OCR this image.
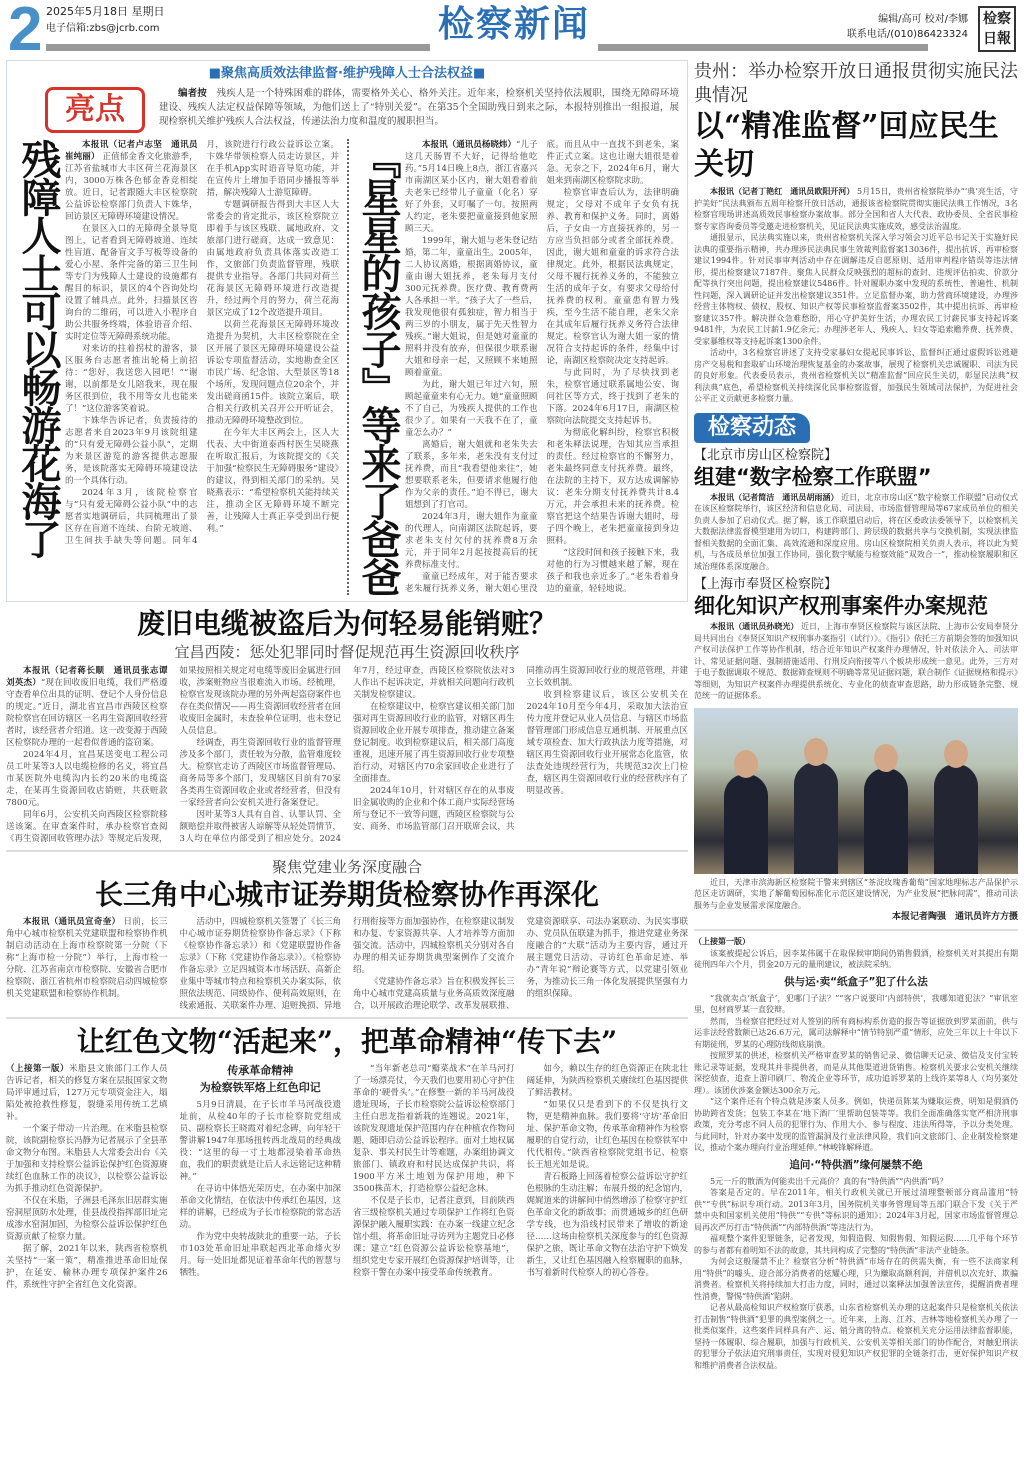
2 2025年5月18日 星期日
电子信箱:zbs@jcrb.com	检察新闻	编辑/高可 校对/李娜
联系电话/(010)86423324
检察
日報
■聚焦高质效法律监督·维护残障人士合法权益■
亮点	编者按　 残疾人是一个特殊困难的群体，需要格外关心、格外关注。近年来，检察机关坚持依法履职，围绕无障碍环境建设、残疾人法定权益保障等领域，为他们送上了“特别关爱”。在第35个全国助残日到来之际，本报特别推出一组报道，展现检察机关维护残疾人合法权益，传递法治力度和温度的履职担当。
残障人士可以畅游花海了	本报讯（记者卢志坚　通讯员崔纯丽） 正值郁金香文化旅游季，江苏省盐城市大丰区荷兰花海景区内，3000万株各色郁金香竞相绽放。近日，记者跟随大丰区检察院公益诉讼检察部门负责人卞姝华，回访景区无障碍环境建设情况。

在景区入口的无障碍全景导览图上，记者看到无障碍坡道、连续性盲道、配备盲文手写板等设备的爱心小屋、条件完备的第三卫生间等专门为残障人士建设的设施都有醒目的标识，景区的4个咨询处均设置了辅具点。此外，扫描景区咨询台的二维码，可以进入小程序自助公共服务终端，体验语音介绍、实时定位等无障碍系统功能。

对来访的拄着拐杖的游客，景区服务台志愿者推出轮椅上前招待：“您好，我送您入园吧！”“谢谢，以前都是女儿陪我来，现在服务区很到位，我不用等女儿也能来了！”这位游客笑着说。

卞姝华告诉记者，负责接待的志愿者来自2023年9月该院组建的“只有爱无障碍公益小队”，定期为来景区游览的游客提供志愿服务，是该院落实无障碍环境建设法的一个具体行动。

2024年3月，该院检察官与“只有爱无障碍公益小队”中的志愿者实地调研后，共同梳理出了景区存在盲道不连续、台阶无坡道、卫生间扶手缺失等问题。同年4月，该院进行行政公益诉讼立案。卞姝华带领检察人员走访景区，并在手机App实时语音导览功能，并在宣传片上增加手语同步播报等举措，解决残障人士游览障碍。

专题调研报告得到大丰区人大常委会的肯定批示，该区检察院立即着手与该区残联、属地政府、文旅部门进行磋商，达成一致意见：由属地政府负责具体落实改造工作，文旅部门负责监督管理，残联提供专业指导。各部门共同对荷兰花海景区无障碍环境进行改造提升，经过两个月的努力，荷兰花海景区完成了12个改造提升项目。

以荷兰花海景区无障碍环境改造提升为契机，大丰区检察院在全区开展了景区无障碍环境建设公益诉讼专项监督活动，实地勘查全区市民广场、纪念馆、大型景区等18个场所，发现问题点位20余个，并发出磋商函15件。该院立案后，联合相关行政机关召开公开听证会，推动无障碍环境整改到位。

在今年大丰区两会上，区人大代表、大中街道泰西村医生吴晓燕在听取汇报后，为该院提交的《关于加强“检察民生无障碍服务”建设》的建议，得到相关部门的采纳。吴晓燕表示：“希望检察机关能持续关注，推动全区无障碍环境不断完善，让残障人士真正享受到出行便利。”	『星星的孩子』等来了爸爸	本报讯（通讯员杨晓炜）“儿子这几天肠胃不大好，记得给他吃药。”5月14日晚上8点，浙江省嘉兴市南湖区某小区内，谢大姐看着前夫老朱已经带儿子童童（化名）穿好了外套，又叮嘱了一句。按照两人约定，老朱要把童童接到他家照顾三天。

1999年，谢大姐与老朱登记结婚，第二年，童童出生。2005年，二人协议离婚，根据离婚协议，童童由谢大姐抚养，老朱每月支付300元抚养费。医疗费、教育费两人各承担一半。“孩子大了一些后，我发现他很有孤独症，智力相当于两三岁的小朋友，属于先天性智力残疾。”谢大姐说，但是她对童童的照料并没有放弃，但保很少联系谢大姐和母亲一起，又照顾不来她照顾着童童。

为此，谢大姐已年过六旬，照顾起童童来有心无力。她“童童照顾不了自己，为残疾人提供的工作也很少了。如果有一天我不在了，童童怎么办？”

离婚后，谢大姐就和老朱失去了联系，多年来，老朱没有支付过抚养费，而且“我看望他来往”，她想要联系老朱，但要请求他履行他作为父亲的责任。”迫不得已，谢大姐想到了打官司。

2024年3月，谢大姐作为童童的代理人，向南湖区法院起诉，要求老朱支付欠付的抚养费8万余元，并于同年2月起按提高后的抚养费标准支付。

童童已经成年，对于能否要求老朱履行抚养义务，谢大姐心里没底。而且从中一直找不到老朱，案件正式立案。这也让谢大姐很是着急。无奈之下，2024年6月，谢大姐来到南湖区检察院求助。

检察官审查后认为，法律明确规定，父母对不成年子女负有抚养、教育和保护义务。同时，离婚后，子女由一方直接抚养的，另一方应当负担部分或者全部抚养费。因此，谢大姐和童童的诉求符合法律规定。此外，根据民法典规定，父母不履行抚养义务的，不能独立生活的成年子女，有要求父母给付抚养费的权利。童童患有智力残疾，至今生活不能自理，老朱父亲在其成年后履行抚养义务符合法律规定。检察官认为谢大姐一家的情况符合支持起诉的条件，经集中讨论，南湖区检察院决定支持起诉。

与此同时，为了尽快找到老朱，检察官通过联系属地公安、询问社区等方式，终于找到了老朱的下落。2024年6月17日，南湖区检察院向法院提交支持起诉书。

为彻底化解纠纷，检察官积极和老朱释法说理，告知其应当承担的责任。经过检察官的不懈努力，老朱最终同意支付抚养费。最终，在法院的主持下，双方达成调解协议：老朱分期支付抚养费共计8.4万元，并会承担未来的抚养费。检察官把这个结果告诉谢大姐时，母子四个晚上，老朱把童童接到身边照料。

“这段时间和孩子接触下来，我对他的行为习惯越来越了解，现在孩子和我也亲近多了。”老朱看着身边的童童，轻轻地说。

废旧电缆被盗后为何轻易能销赃？
宜昌西陵：惩处犯罪同时督促规范再生资源回收秩序

本报讯（记者蒋长顺　通讯员张志谭　刘英杰）“现在回收废旧电缆，我们严格遵守查看单位出具的证明、登记个人身份信息的规定。”近日，湖北省宜昌市西陵区检察院检察官在回访辖区一名再生资源回收经营者时，该经营者介绍道。这一改变源于西陵区检察院办理的一起看似普通的盗窃案。

2024年4月，宜昌某送变电工程公司员工叶某等3人以电缆检修的名义，将宜昌市某医院外电缆沟内长约20米的电缆盗走，在某再生资源回收店销赃，共获赃款7800元。

同年6月，公安机关向西陵区检察院移送该案。在审查案件时，承办检察官查阅《再生资源回收管理办法》等规定后发现，如果按照相关规定对电缆等废旧金属进行回收，涉案赃物应当很难流入市场。经梳理，检察官发现该院办理的另外两起盗窃案件也存在类似情况——再生资源回收经营者在回收废旧金属时，未查验单位证明，也未登记人员信息。

经调查，再生资源回收行业的监督管理涉及多个部门，责任较为分散，监管难度较大。检察官走访了西陵区市场监督管理局、商务局等多个部门，发现辖区目前有70家各类再生资源回收企业或者经营者，但没有一家经营者向公安机关进行备案登记。

因叶某等3人具有自首、认罪认罚、全额赔偿并取得被害人谅解等从轻处罚情节，3人均在单位内部受到了相应处分。2024年7月，经过审查，西陵区检察院依法对3人作出不起诉决定，并就相关问题向行政机关制发检察建议。

在检察建议中，检察官建议相关部门加强对再生资源回收行业的监管，对辖区再生资源回收企业开展专项排查，推动建立备案登记制度。收到检察建议后，相关部门高度重视，迅速开展了再生资源回收行业专项整治行动，对辖区内70余家回收企业进行了全面排查。

2024年10月，针对辖区存在的从事废旧金属收购的企业和个体工商户实际经营场所与登记不一致等问题，西陵区检察院与公安、商务、市场监管部门召开联席会议，共同推动再生资源回收行业的规范管理，并建立长效机制。

收到检察建议后，该区公安机关在2024年10月至今年4月，采取加大法治宣传力度并登记从业人员信息、与辖区市场监督管理部门形成信息互通机制、开展重点区域专项检查、加大行政执法力度等措施，对辖区再生资源回收行业开展常态化监管，依法查处违规经营行为，共规范32次上门检查，辖区再生资源回收行业的经营秩序有了明显改善。

聚焦党建业务深度融合
长三角中心城市证券期货检察协作再深化

本报讯（通讯员宣奇奎） 日前，长三角中心城市检察机关党建联盟和检察协作机制启动活动在上海市检察院第一分院（下称“上海市检一分院”）举行，上海市检一分院、江苏省南京市检察院、安徽省合肥市检察院、浙江省杭州市检察院启动四城检察机关党建联盟和检察协作机制。

活动中，四城检察机关签署了《长三角中心城市证券期货检察协作备忘录》（下称《检察协作备忘录》）和《党建联盟协作备忘录》（下称《党建协作备忘录》）。《检察协作备忘录》立足四城资本市场活跃、高新企业集中等城市特点和检察机关办案实际，依照依法规范、同级协作、便利高效原则，在线索通报、关联案件办理、追赃挽损、异地行刑衔接等方面加强协作，在检察建议制发和办复、专家资源共享、人才培养等方面加强交流。活动中，四城检察机关分别对各自办理的相关证券期货典型案例作了交流介绍。

《党建协作备忘录》旨在积极发挥长三角中心城市党建高质量与业务高质效深度融合，以开展政治理论联学、改革发展联推、党建资源联享、司法办案联动、为民实事联办、党员队伍联建为抓手，推进党建业务深度融合的“大联”活动为主要内容，通过开展主题党日活动、寻访红色革命足迹、举办“青年说”辩论赛等方式，以党建引领业务，为推动长三角一体化发展提供坚强有力的组织保障。

让红色文物“活起来”，把革命精神“传下去”

（上接第一版）米脂县文旅部门工作人员告诉记者，相关的修复方案在层报国家文物局评审通过后，127万元专项资金注入，塌陷处被抢救性修复，裂缝采用传统工艺填补。

一个案子带动一片治理。在米脂县检察院，该院副检察长冯静为记者展示了全县革命文物分布图。米脂县人大常委会出台《关于加强和支持检察公益诉讼保护红色资源赓续红色血脉工作的决议》，以检察公益诉讼为抓手推动红色资源保护。

不仅在米脂，子洲县毛泽东旧居群实施窑洞屋顶防水处理，佳县战役指挥部旧址完成渗水窑洞加固，为检察公益诉讼保护红色资源贡献了检察力量。

据了解，2021年以来，陕西省检察机关坚持“一案一策”，精准推进革命旧址保护，在延安、榆林办理专项保护案件26件，系统性守护全省红色文化资源。

传承革命精神
为检察铁军烙上红色印记

5月9日清晨，在子长市羊马河战役遗址前，从检40年的子长市检察院党组成员、副检察长王晓霞对着纪念碑，向年轻干警讲解1947年那场扭转西北战局的经典战役：“这里的每一寸土地都浸染着革命热血，我们的职责就是让后人永远铭记这种精神。”

在寻访中体悟光荣历史，在办案中加深革命文化情结，在依法中传承红色基因，这样的讲解，已经成为子长市检察院的常态活动。

作为党中央转战陕北的重要一站，子长市103处革命旧址串联起西北革命烽火岁月。每一处旧址都见证着革命年代的智慧与牺牲。

“当年新老总司“瓣菜战术”在羊马河打了一场漂亮仗，今天我们也要用初心守护住革命的‘硬骨头’。”在修整一新的羊马河战役遗址现场，子长市检察院公益诉讼检察部门主任白思龙指着新栽的连翘说。2021年，该院发现遗址保护范围内存在种植农作物问题，随即启动公益诉讼程序。面对土地权属复杂、事关村民生计等难题，办案组协调文旅部门、镇政府和村民达成保护共识，将1900平方米土地划为保护用地，种下3500株苗木，打造检察公益纪念林。

不仅是子长市，记者注意到，目前陕西省三级检察机关通过专项保护工作将红色资源保护融入履职实践：在办案一线建立纪念馆小组，将革命旧址寻访列为主题党日必修课；建立“红色资源公益诉讼检察基地”，组织党史专家开展红色资源保护培训等，让检察干警在办案中接受革命传统教育。

如今，赖以生存的红色资源正在陕北壮阔延伸，为陕西检察机关赓续红色基因提供了鲜活教材。

“如果仅只是看到下的不仅是执行文物，更是精神血脉。我们要将‘守坊’革命旧址、保护革命文物，传承革命精神作为检察履职的自觉行动，让红色基因在检察铁军中代代相传。”陕西省检察院党组书记、检察长王旭光如是说。

青石板路上回荡着检察公益诉讼守护红色根脉的生动注解；布展升级的纪念馆内，娓娓道来的讲解间中悄然增添了检察守护红色革命文化的新故事；而贯通城乡的红色研学专线，也为沿线村民带来了增收的新途径……这场由检察机关深度参与的红色资源保护之旅，既让革命文物在法治守护下焕发新生，又让红色基因融入检察履职的血脉，书写着新时代检察人的初心答卷。

贵州：举办检察开放日通报贯彻实施民法典情况
以“精准监督”回应民生关切

本报讯（记者丁艳红　通讯员欧阳开河） 5月15日，贵州省检察院举办“‘典’亮生活，守护美好”民法典颁布五周年检察开放日活动，通报该省检察院贯彻实施民法典工作情况，3名检察官现场讲述高质效民事检察办案故事。部分全国和省人大代表、政协委员、全省民事检察专家咨询委员等受邀走进检察机关，见证民法典实施成效，感受法治温度。

通报显示，民法典实施以来，贵州省检察机关深入学习领会习近平总书记关于实施好民法典的重要指示精神，共办理涉民法典民事生效裁判监督案13036件，提出抗诉、再审检察建议1994件。针对民事审判活动中存在调解违反自愿原则、适用审判程序错误等违法情形，提出检察建议7187件。聚焦人民群众反映强烈的超标的查封、违规评估拍卖、价款分配等执行突出问题，提出检察建议5486件。针对履职办案中发现的系统性、普遍性、机制性问题，深入调研论证并发出检察建议351件。立足监督办案，助力营商环境建设，办理涉经营主体物权、债权、股权、知识产权等民事检察监督案3502件，其中提出抗诉、再审检察建议357件。解决群众急难愁盼，用心守护美好生活，办理农民工讨薪民事支持起诉案9481件，为农民工讨薪1.9亿余元；办理涉老年人、残疾人、妇女等追索赡养费、抚养费、受家暴维权等支持起诉案1300余件。

活动中，3名检察官讲述了支持受家暴妇女提起民事诉讼、监督纠正通过虚假诉讼逃避房产交易税和套取矿山环境治理恢复基金的办案故事，展现了检察机关忠诚履职、司法为民的良好形象。代表委员表示，贵州省检察机关以“精准监督”回应民生关切，彰显民法典“权利法典”底色，希望检察机关持续深化民事检察监督，加强民生领域司法保护，为促进社会公平正义贡献更多检察力量。

检察动态
【北京市房山区检察院】
组建“数字检察工作联盟”

本报讯（记者简洁　通讯员胡雨涵） 近日，北京市房山区“数字检察工作联盟”启动仪式在该区检察院举行，该区经济和信息化局、司法局、市场监督管理局等67家成员单位的相关负责人参加了启动仪式。据了解，该工作联盟启动后，将在区委政法委领导下，以检察机关大数据法律监督模型建用为切口，构建跨部门、跨层级的数据共享与交换机制，实现法律监督相关数据的全面汇集、高效流通和深度应用。房山区检察院相关负责人表示，将以此为契机，与各成员单位加强工作协同，强化数字赋能与检察效能“双效合一”，推动检察履职和区域治理体系深度融合。

【上海市奉贤区检察院】
细化知识产权刑事案件办案规范

本报讯（通讯员孙晓光） 近日，上海市奉贤区检察院与该区法院、上海市公安局奉贤分局共同出台《奉贤区知识产权刑事办案指引（试行）》。《指引》依托三方前期会签的加强知识产权司法保护工作等协作机制，结合近年知识产权案件办理情况，针对依法介入、司法审计、常见证据问题、强制措施适用、行刑反向衔接等八个板块形成统一意见。此外，三方对于电子数据调取不规范、数据筛查规则不明确等常见证据问题，联合制作《证据规格和提示》等细则，为知识产权案件办理提供系统化、专业化的侦查审查思路，助力形成链条完整、规范统一的证据体系。

近日，天津市滨海新区检察院干警来到辖区“茶淀玫瑰香葡萄”国家地理标志产品保护示范区走访调研，实地了解葡萄园标准化示范区建设情况，为产业发展“把脉问需”，推动司法服务与企业发展需求深度融合。
本报记者陶强　通讯员许方方摄

（上接第一版）

该案被提起公诉后，因李某伟属于在取保候审期间仍销售假酒，检察机关对其提出有期徒刑四年六个月，罚金20万元的量刑建议，被法院采纳。

供与运·卖“纸盒子”犯了什么法

“我就卖点‘纸盒子’，犯哪门子法？”“客户说要印‘内部特供’，我哪知道犯法？”审讯室里，包材商罗某一直狡辩。

然而，当检察官把经过对人签别的所有商标构系仿造的报告等证据放到罗某面前，供与运非法经营数额已达26.6万元，属司法解释中“情节特别严重”情形，应处三年以上十年以下有期徒刑，罗某的心理防线彻底崩溃。

按照罗某的供述，检察机关严格审查罗某的销售记录、微信聊天记录、微信及支付宝转账记录等证据，发现其并非提供者，而是从其他渠道进货销售。检察机关要求公安机关继续深挖侦查，追查上游印刷厂、物流企业等环节，成功追诉罗某的上线许某等8人（均另案处理）。该团伙涉案金额达300余万元。

“这个案件还有个特点就是涉案人员多。例如，快递员陈某为赚取运费，明知是假酒仍协助跨省发货；包装工李某在‘地下酒厂’里帮助包装等等。我们全面准确落实宽严相济刑事政策，充分考虑不同人员的犯罪行为、作用大小、参与程度、违法所得等，予以分类处理。与此同时，针对办案中发现的监管漏洞及行业法律风险，我们向文旅部门、企业制发检察建议，推动个案办理向行业治理延伸。”林峻锋解释道。

追问·“特供酒”缘何屡禁不绝

5元一斤的散酒为何能卖出千元高价？真的有“特供酒”“内供酒”吗？

答案是否定的。早在2011年，相关行政机关就已开展过清理整顿部分商品滥用“特供”“专供”标识专项行动。2013年3月，国务院机关事务管理局等五部门联合下发《关于严禁中央和国家机关使用“特供”“专供”等标识的通知》；2024年3月起，国家市场监督管理总局再次严厉打击“特供酒”“内部特供酒”等违法行为。

福观整个案件犯罪链条，记者发现，知假造假、知假售假、知假运假……几乎每个环节的参与者都有着明知不法的故意，其共同构成了完整的“特供酒”非法产业链条。

为何会这般屡禁不止？检察官分析“特供酒”市场存在的供需失衡，有一些不法商家利用“特供”的噱头、迎合部分消费者的炫耀心理，只为赚取高额利润，并借机以次充好、欺骗消费者。检察机关将持续加大打击力度，同时，通过以案释法加强普法宣传，提醒消费者理性消费，警惕“特供酒”陷阱。

记者从最高检知识产权检察厅获悉，山东省检察机关办理的这起案件只是检察机关依法打击制售“特供酒”犯罪的典型案例之一。近年来，上海、江苏、吉林等地检察机关办理了一批类似案件，这些案件同样具有产、运、销分离的特点。检察机关充分运用法律监督职能，坚持一体履职、综合履职，加强与行政机关、公安机关等相关部门的协作配合，对触犯刑法的犯罪分子依法追究刑事责任，实现对侵犯知识产权犯罪的全链条打击，更好保护知识产权和维护消费者合法权益。
